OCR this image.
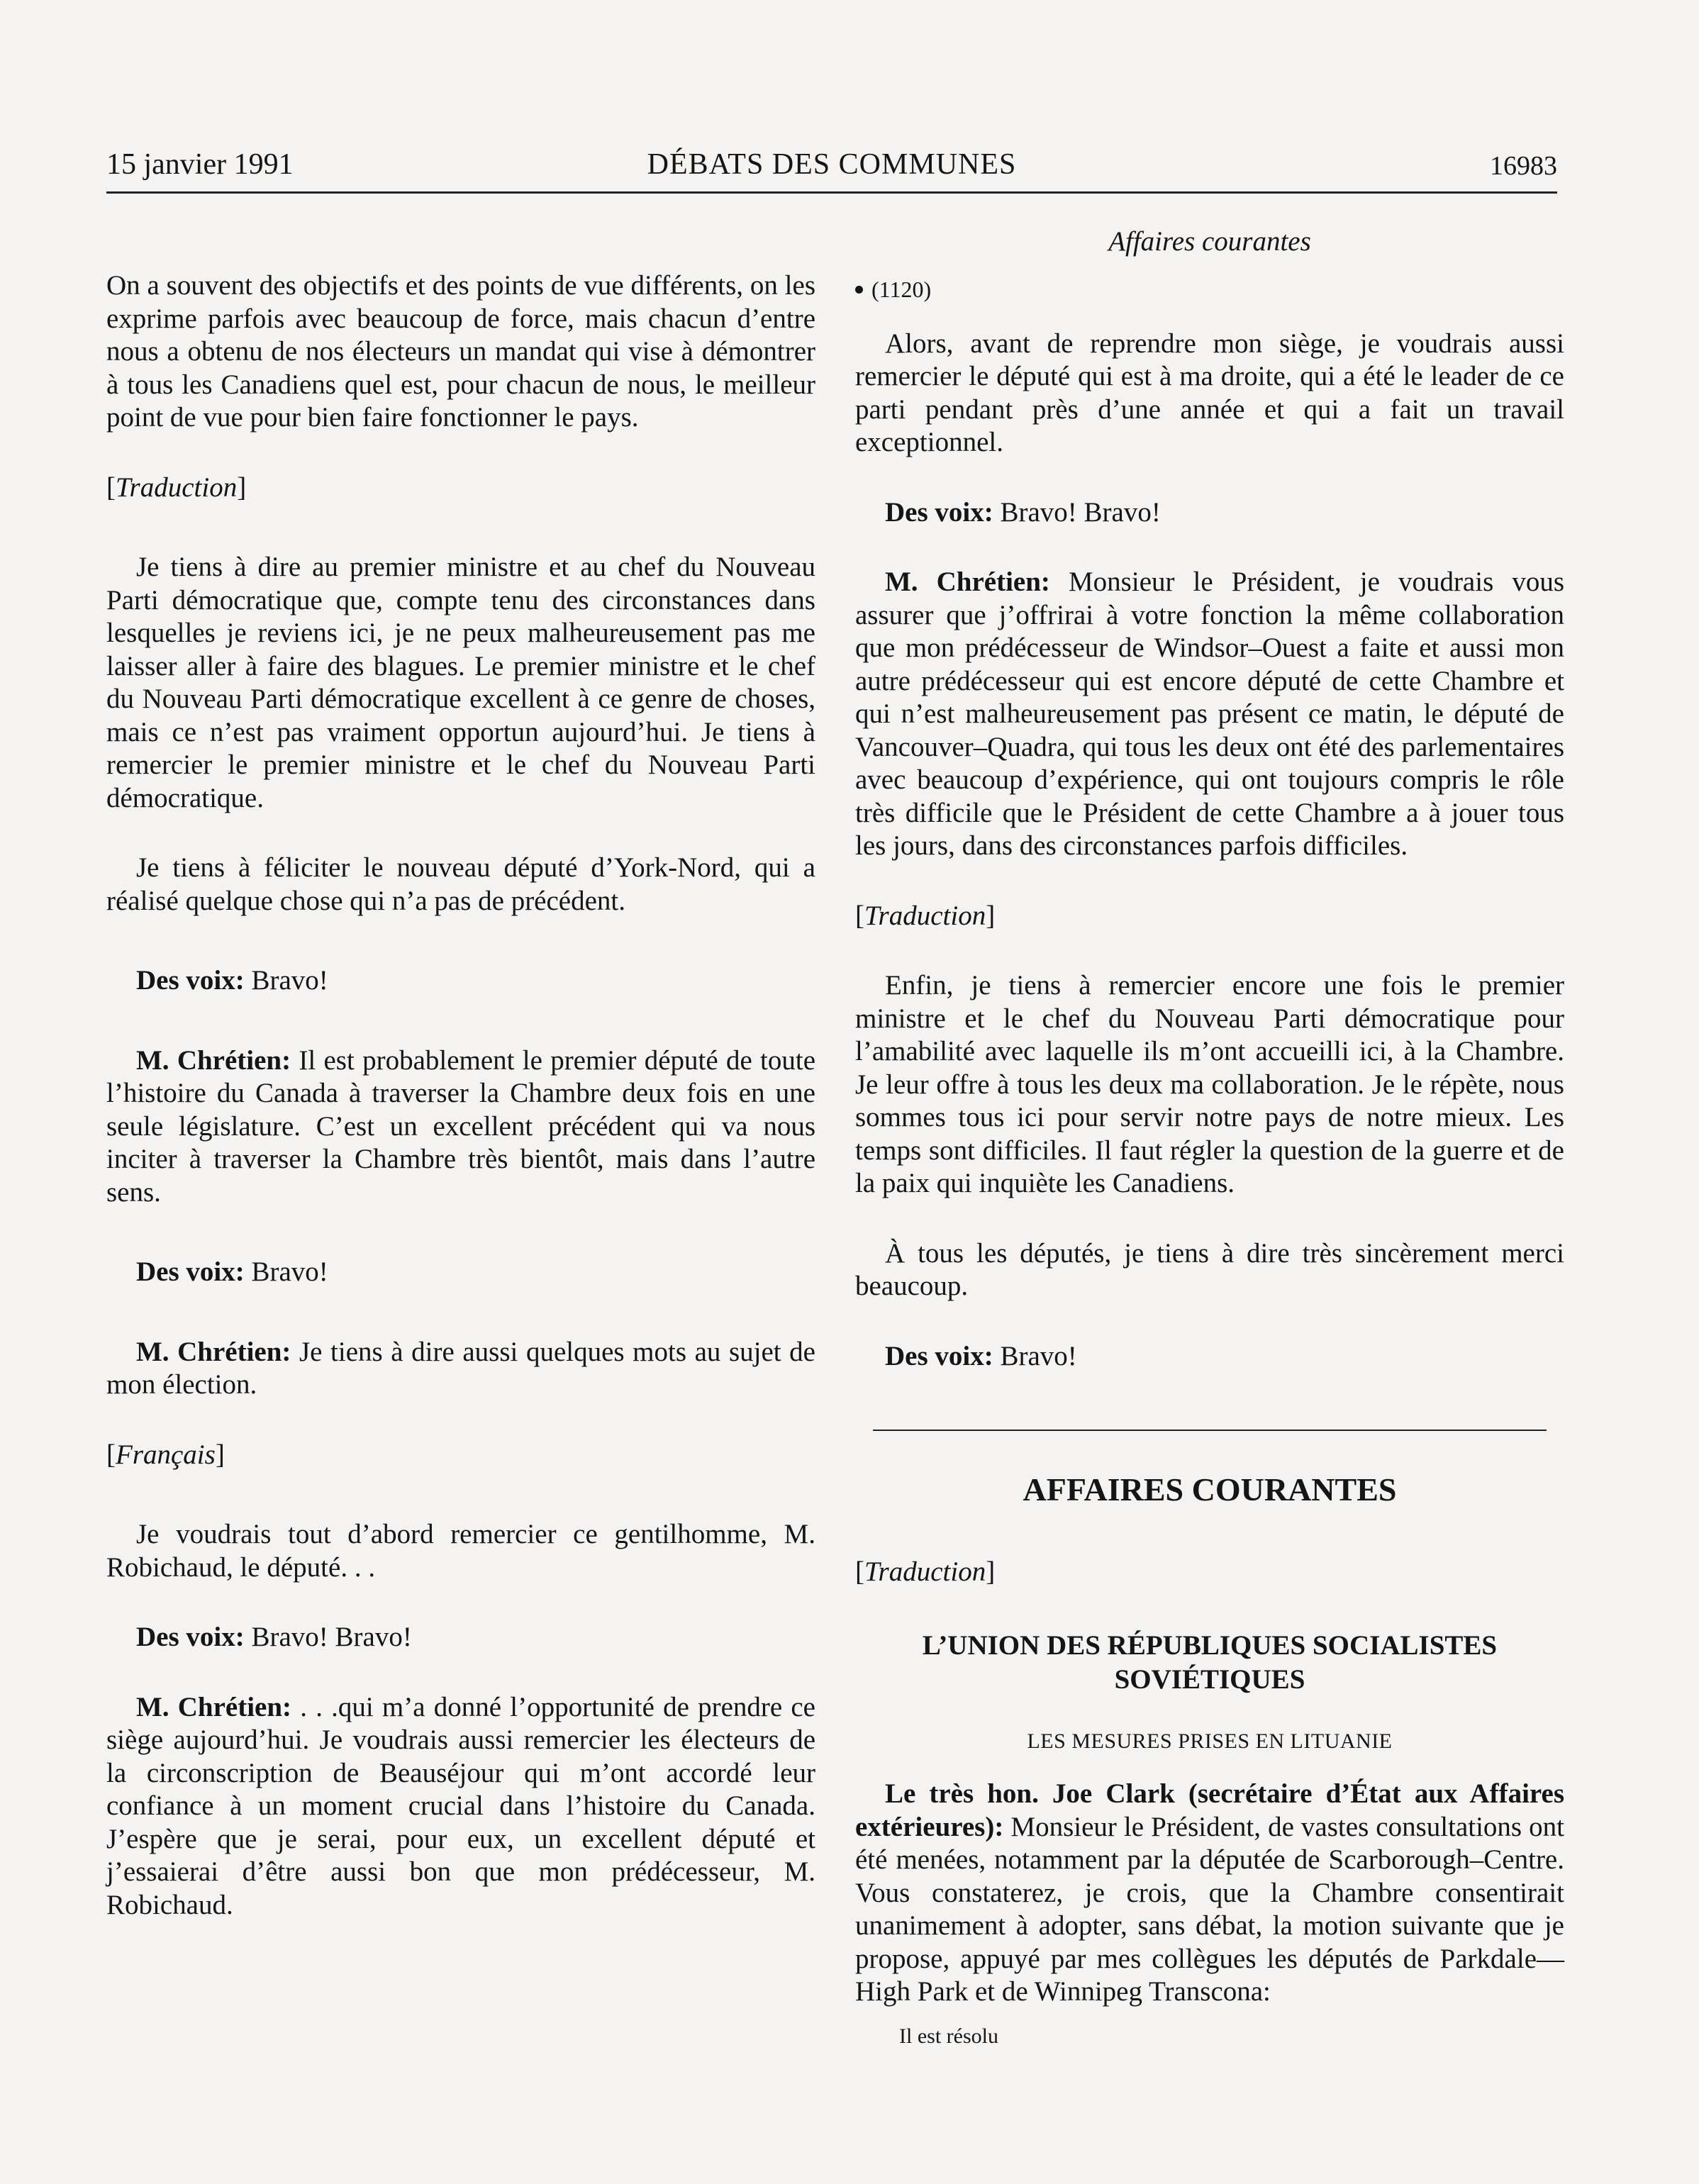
15 janvier 1991	DÉBATS DES COMMUNES	16983
Affaires courantes

On a souvent des objectifs et des points de vue différents, on les exprime parfois avec beaucoup de force, mais chacun d’entre nous a obtenu de nos électeurs un mandat qui vise à démontrer à tous les Canadiens quel est, pour chacun de nous, le meilleur point de vue pour bien faire fonctionner le pays.

[Traduction]

Je tiens à dire au premier ministre et au chef du Nouveau Parti démocratique que, compte tenu des circonstances dans lesquelles je reviens ici, je ne peux malheureusement pas me laisser aller à faire des blagues. Le premier ministre et le chef du Nouveau Parti démocratique excellent à ce genre de choses, mais ce n’est pas vraiment opportun aujourd’hui. Je tiens à remercier le premier ministre et le chef du Nouveau Parti démocratique.

Je tiens à féliciter le nouveau député d’York-Nord, qui a réalisé quelque chose qui n’a pas de précédent.

Des voix: Bravo!

M. Chrétien: Il est probablement le premier député de toute l’histoire du Canada à traverser la Chambre deux fois en une seule législature. C’est un excellent précédent qui va nous inciter à traverser la Chambre très bientôt, mais dans l’autre sens.

Des voix: Bravo!

M. Chrétien: Je tiens à dire aussi quelques mots au sujet de mon élection.

[Français]

Je voudrais tout d’abord remercier ce gentilhomme, M. Robichaud, le député. . .

Des voix: Bravo! Bravo!

M. Chrétien: . . .qui m’a donné l’opportunité de prendre ce siège aujourd’hui. Je voudrais aussi remercier les électeurs de la circonscription de Beauséjour qui m’ont accordé leur confiance à un moment crucial dans l’histoire du Canada. J’espère que je serai, pour eux, un excellent député et j’essaierai d’être aussi bon que mon prédécesseur, M. Robichaud.

(1120)

Alors, avant de reprendre mon siège, je voudrais aussi remercier le député qui est à ma droite, qui a été le leader de ce parti pendant près d’une année et qui a fait un travail exceptionnel.

Des voix: Bravo! Bravo!

M. Chrétien: Monsieur le Président, je voudrais vous assurer que j’offrirai à votre fonction la même collaboration que mon prédécesseur de Windsor–Ouest a faite et aussi mon autre prédécesseur qui est encore député de cette Chambre et qui n’est malheureusement pas présent ce matin, le député de Vancouver–Quadra, qui tous les deux ont été des parlementaires avec beaucoup d’expérience, qui ont toujours compris le rôle très difficile que le Président de cette Chambre a à jouer tous les jours, dans des circonstances parfois difficiles.

[Traduction]

Enfin, je tiens à remercier encore une fois le premier ministre et le chef du Nouveau Parti démocratique pour l’amabilité avec laquelle ils m’ont accueilli ici, à la Chambre. Je leur offre à tous les deux ma collaboration. Je le répète, nous sommes tous ici pour servir notre pays de notre mieux. Les temps sont difficiles. Il faut régler la question de la guerre et de la paix qui inquiète les Canadiens.

À tous les députés, je tiens à dire très sincèrement merci beaucoup.

Des voix: Bravo!

AFFAIRES COURANTES

[Traduction]

L’UNION DES RÉPUBLIQUES SOCIALISTES SOVIÉTIQUES
LES MESURES PRISES EN LITUANIE

Le très hon. Joe Clark (secrétaire d’État aux Affaires extérieures): Monsieur le Président, de vastes consultations ont été menées, notamment par la députée de Scarborough–Centre. Vous constaterez, je crois, que la Chambre consentirait unanimement à adopter, sans débat, la motion suivante que je propose, appuyé par mes collègues les députés de Parkdale—High Park et de Winnipeg Transcona:

Il est résolu
